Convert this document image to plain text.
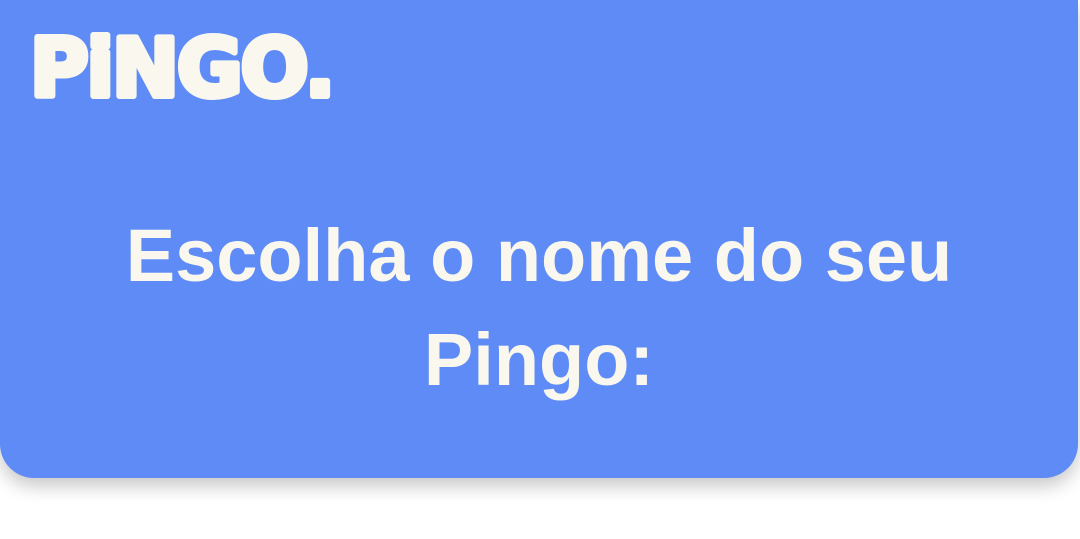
PiNGO.
Escolha o nome do seu Pingo:
